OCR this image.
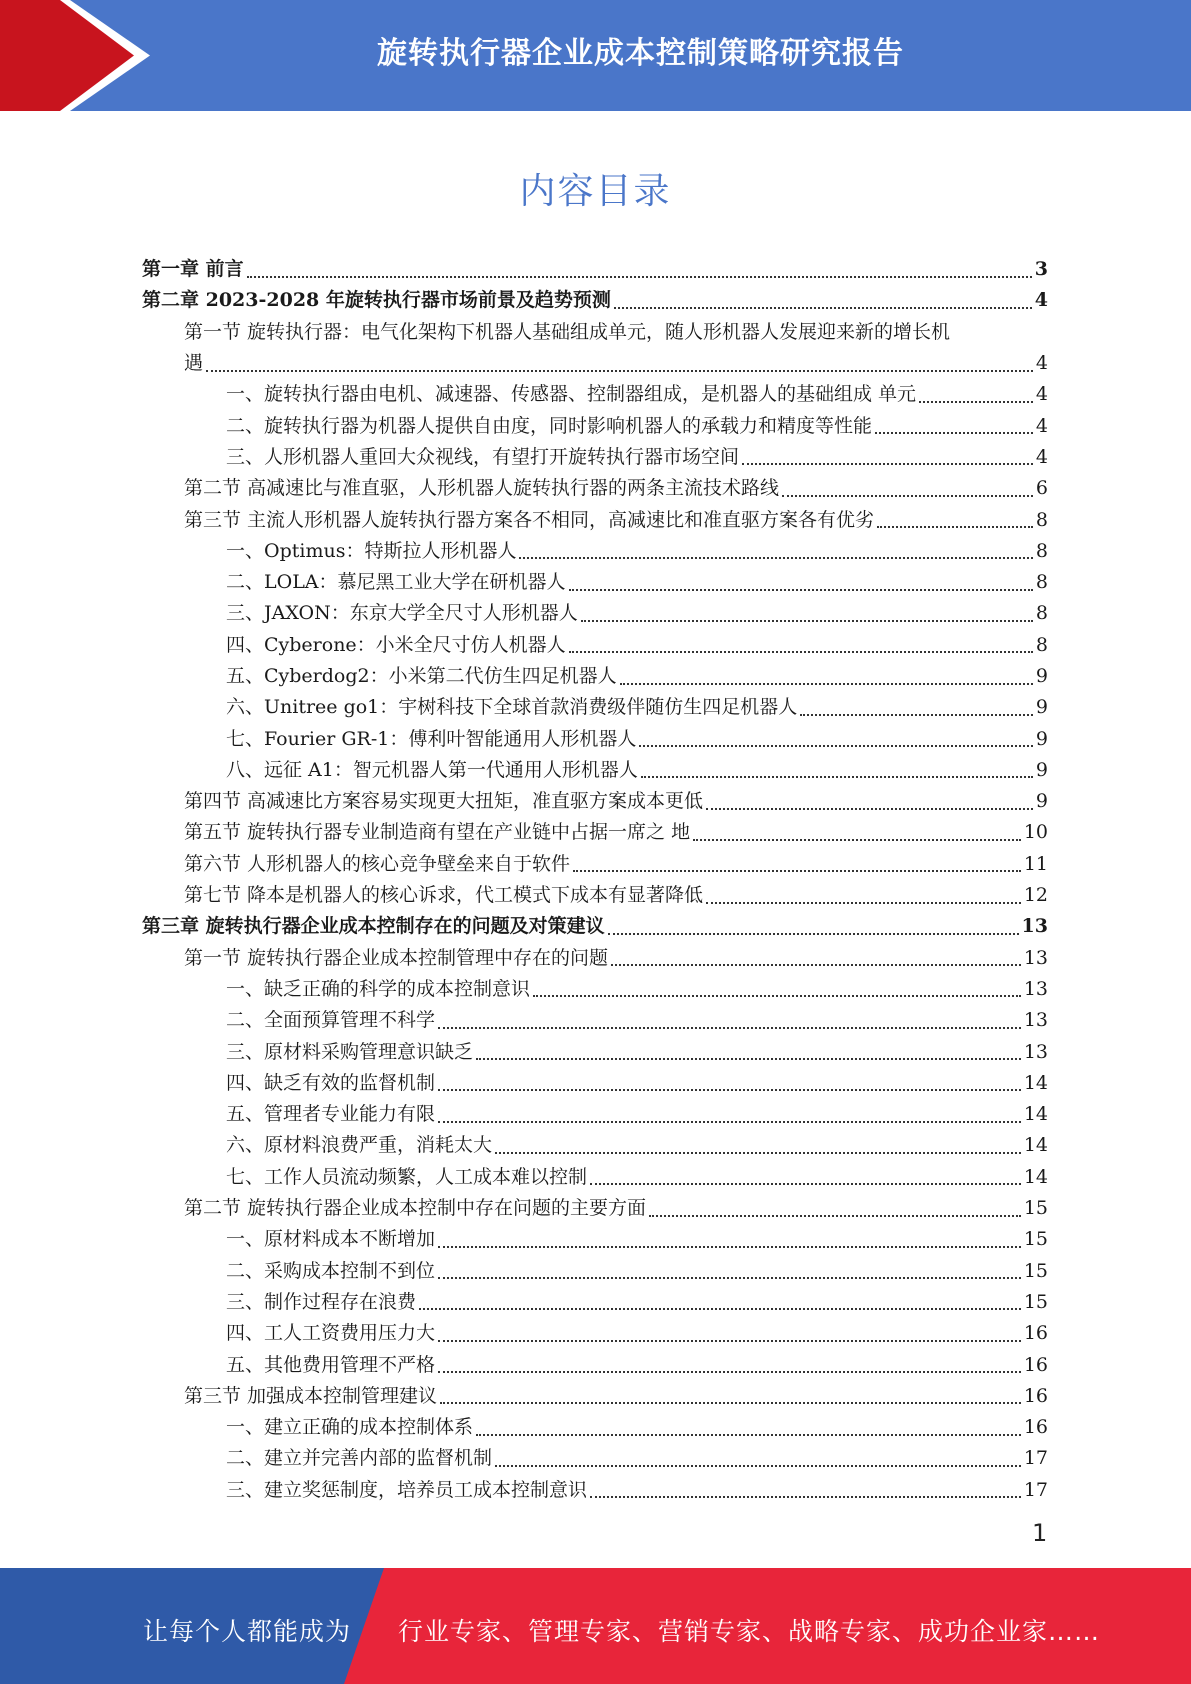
旋转执行器企业成本控制策略研究报告
内容目录
第一章 前言	3
第二章 2023-2028 年旋转执行器市场前景及趋势预测	4
第一节 旋转执行器：电气化架构下机器人基础组成单元，随人形机器人发展迎来新的增长机
遇	4
一、旋转执行器由电机、减速器、传感器、控制器组成，是机器人的基础组成 单元	4
二、旋转执行器为机器人提供自由度，同时影响机器人的承载力和精度等性能	4
三、人形机器人重回大众视线，有望打开旋转执行器市场空间	4
第二节 高减速比与准直驱，人形机器人旋转执行器的两条主流技术路线	6
第三节 主流人形机器人旋转执行器方案各不相同，高减速比和准直驱方案各有优劣	8
一、Optimus：特斯拉人形机器人	8
二、LOLA：慕尼黑工业大学在研机器人	8
三、JAXON：东京大学全尺寸人形机器人	8
四、Cyberone：小米全尺寸仿人机器人	8
五、Cyberdog2：小米第二代仿生四足机器人	9
六、Unitree go1：宇树科技下全球首款消费级伴随仿生四足机器人	9
七、Fourier GR-1：傅利叶智能通用人形机器人	9
八、远征 A1：智元机器人第一代通用人形机器人	9
第四节 高减速比方案容易实现更大扭矩，准直驱方案成本更低	9
第五节 旋转执行器专业制造商有望在产业链中占据一席之 地	10
第六节 人形机器人的核心竞争壁垒来自于软件	11
第七节 降本是机器人的核心诉求，代工模式下成本有显著降低	12
第三章 旋转执行器企业成本控制存在的问题及对策建议	13
第一节 旋转执行器企业成本控制管理中存在的问题	13
一、缺乏正确的科学的成本控制意识	13
二、全面预算管理不科学	13
三、原材料采购管理意识缺乏	13
四、缺乏有效的监督机制	14
五、管理者专业能力有限	14
六、原材料浪费严重，消耗太大	14
七、工作人员流动频繁，人工成本难以控制	14
第二节 旋转执行器企业成本控制中存在问题的主要方面	15
一、原材料成本不断增加	15
二、采购成本控制不到位	15
三、制作过程存在浪费	15
四、工人工资费用压力大	16
五、其他费用管理不严格	16
第三节 加强成本控制管理建议	16
一、建立正确的成本控制体系	16
二、建立并完善内部的监督机制	17
三、建立奖惩制度，培养员工成本控制意识	17
1
让每个人都能成为 行业专家、管理专家、营销专家、战略专家、成功企业家……
